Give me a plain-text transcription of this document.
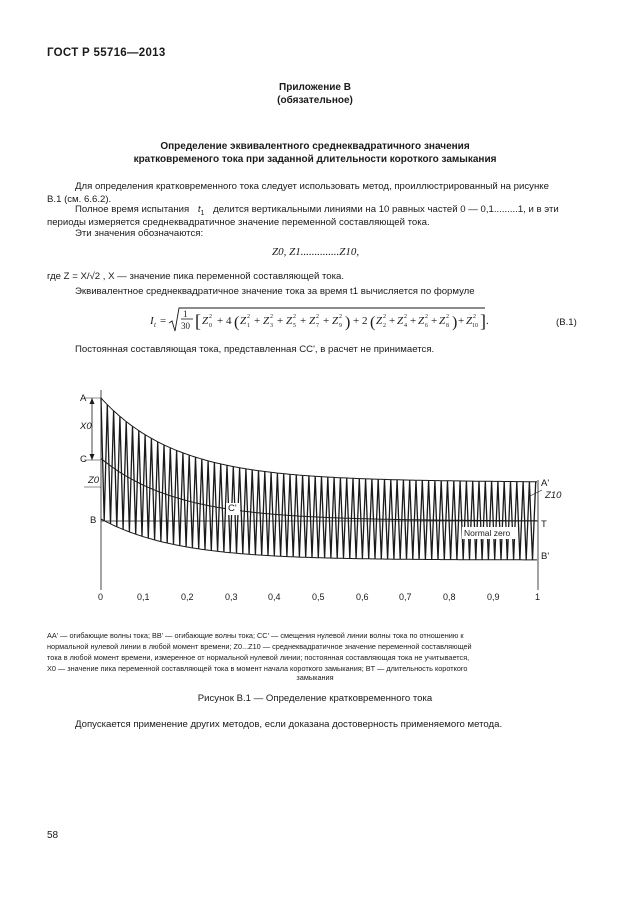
ГОСТ Р 55716—2013
Приложение В
(обязательное)
Определение эквивалентного среднеквадратичного значения
кратковременого тока при заданной длительности короткого замыкания
Для определения кратковременного тока следует использовать метод, проиллюстрированный на рисунке
В.1 (см. 6.6.2).
Полное время испытания $t_1$ делится вертикальными линиями на 10 равных частей 0 — 0,1.........1, и в эти
периоды измеряется среднеквадратичное значение переменной составляющей тока.
Эти значения обозначаются:
Z0, Z1..............Z10,
где Z = X/√2 , X — значение пика переменной составляющей тока.
Эквивалентное среднеквадратичное значение тока за время t1 вычисляется по формуле
I t =
1
30 [ Z 2
0 + 4 ( Z 2
1 + Z 2
3 + Z 2
5 + Z 2
7 + Z 2
9 ) + 2 ( Z 2
2 + Z 2
4 + Z 2
6 + Z 2
8 ) + Z 2
10 ] .	(В.1)
Постоянная составляющая тока, представленная CC', в расчет не принимается.
A
X0
C
Z0
B
A'
Z10
T
B'
C'
Normal zero
0	0,1	0,2	0,3	0,4	0,5	0,6	0,7	0,8	0,9	1
AA' — огибающие волны тока; BB' — огибающие волны тока; CC' — смещения нулевой линии волны тока по отношению к
нормальной нулевой линии в любой момент времени; Z0...Z10 — среднеквадратичное значение переменной составляющей
тока в любой момент времени, измеренное от нормальной нулевой линии; постоянная составляющая тока не учитывается,
X0 — значение пика переменной составляющей тока в момент начала короткого замыкания; BT — длительность короткого
замыкания
Рисунок В.1 — Определение кратковременного тока
Допускается применение других методов, если доказана достоверность применяемого метода.
58
